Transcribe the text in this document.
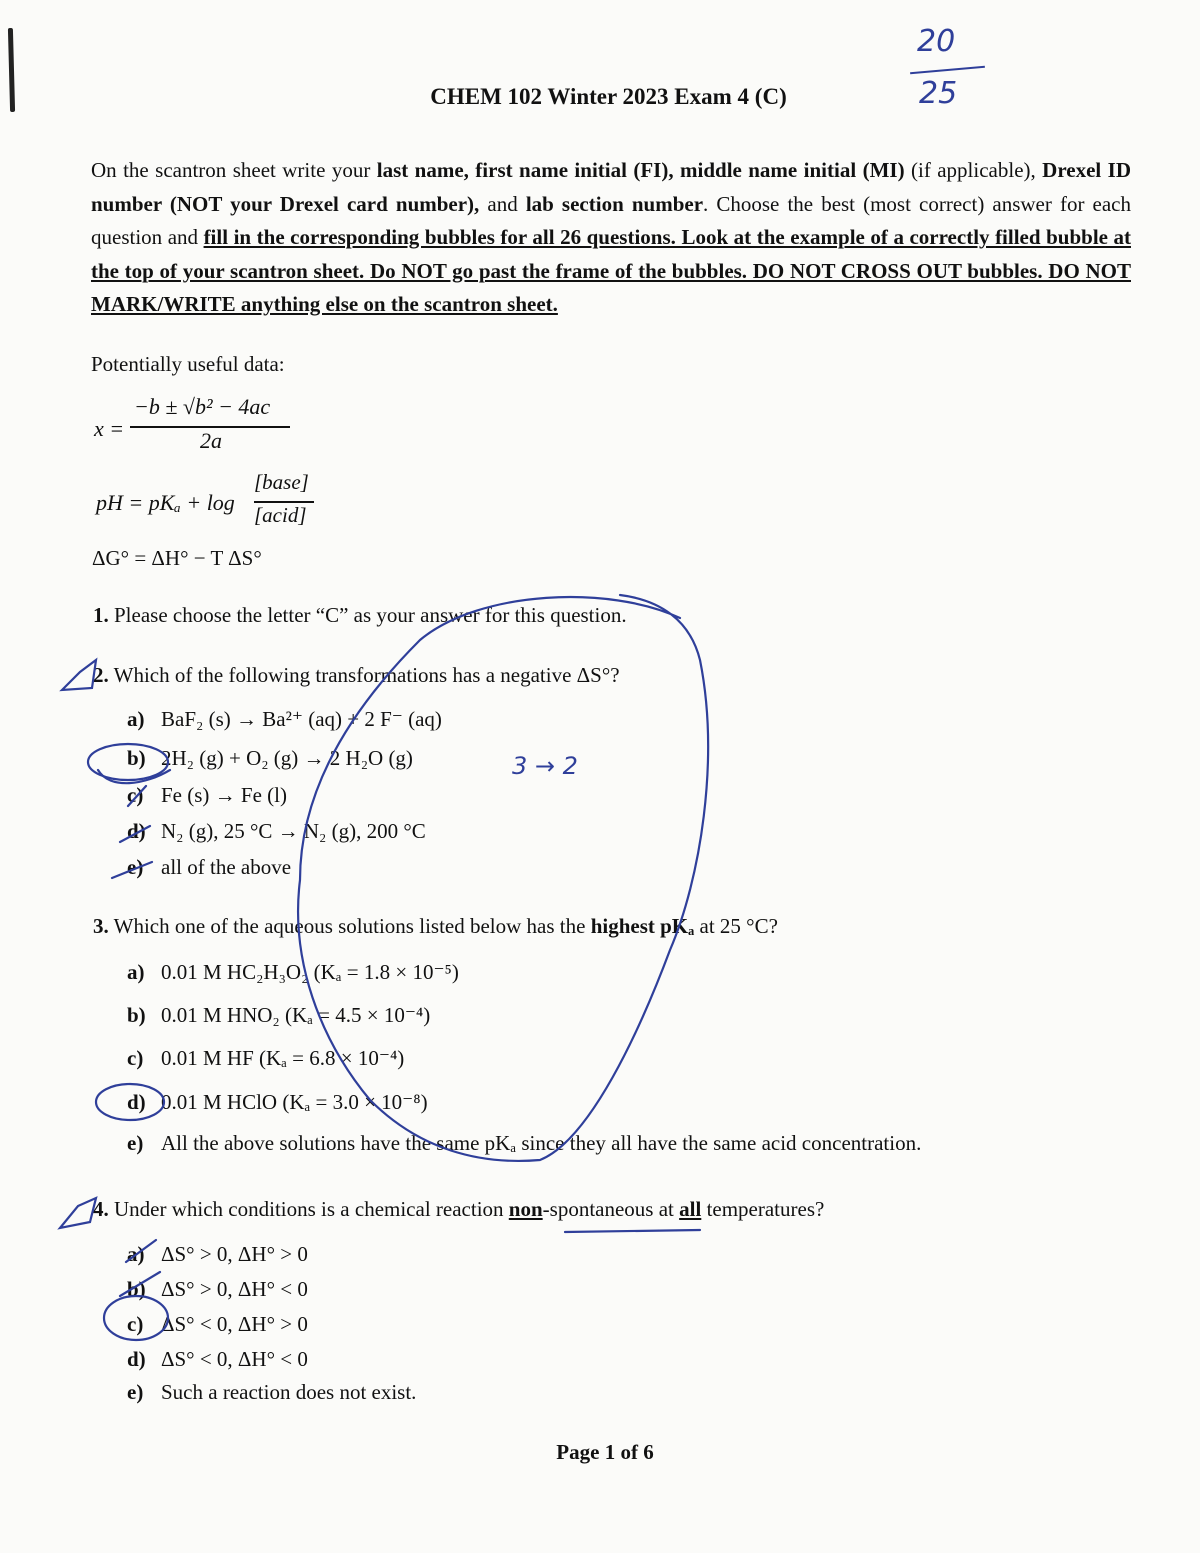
20
25
CHEM 102 Winter 2023 Exam 4 (C)
On the scantron sheet write your last name, first name initial (FI), middle name initial (MI) (if applicable), Drexel ID number (NOT your Drexel card number), and lab section number. Choose the best (most correct) answer for each question and fill in the corresponding bubbles for all 26 questions. Look at the example of a correctly filled bubble at the top of your scantron sheet. Do NOT go past the frame of the bubbles. DO NOT CROSS OUT bubbles. DO NOT MARK/WRITE anything else on the scantron sheet.
Potentially useful data:
x =
−b ± √b² − 4ac
2a
pH = pKₐ + log
[base]
[acid]
ΔG° = ΔH° − T ΔS°
1. Please choose the letter “C” as your answer for this question.
2. Which of the following transformations has a negative ΔS°?
a) BaF₂ (s) → Ba²⁺ (aq) + 2 F⁻ (aq)
b) 2H₂ (g) + O₂ (g) → 2 H₂O (g)
c) Fe (s) → Fe (l)
d) N₂ (g), 25 °C → N₂ (g), 200 °C
e) all of the above
3. Which one of the aqueous solutions listed below has the highest pKₐ at 25 °C?
a) 0.01 M HC₂H₃O₂ (Kₐ = 1.8 × 10⁻⁵)
b) 0.01 M HNO₂ (Kₐ = 4.5 × 10⁻⁴)
c) 0.01 M HF (Kₐ = 6.8 × 10⁻⁴)
d) 0.01 M HClO (Kₐ = 3.0 × 10⁻⁸)
e) All the above solutions have the same pKₐ since they all have the same acid concentration.
4. Under which conditions is a chemical reaction non-spontaneous at all temperatures?
a) ΔS° > 0, ΔH° > 0
b) ΔS° > 0, ΔH° < 0
c) ΔS° < 0, ΔH° > 0
d) ΔS° < 0, ΔH° < 0
e) Such a reaction does not exist.
3 → 2
Page 1 of 6
